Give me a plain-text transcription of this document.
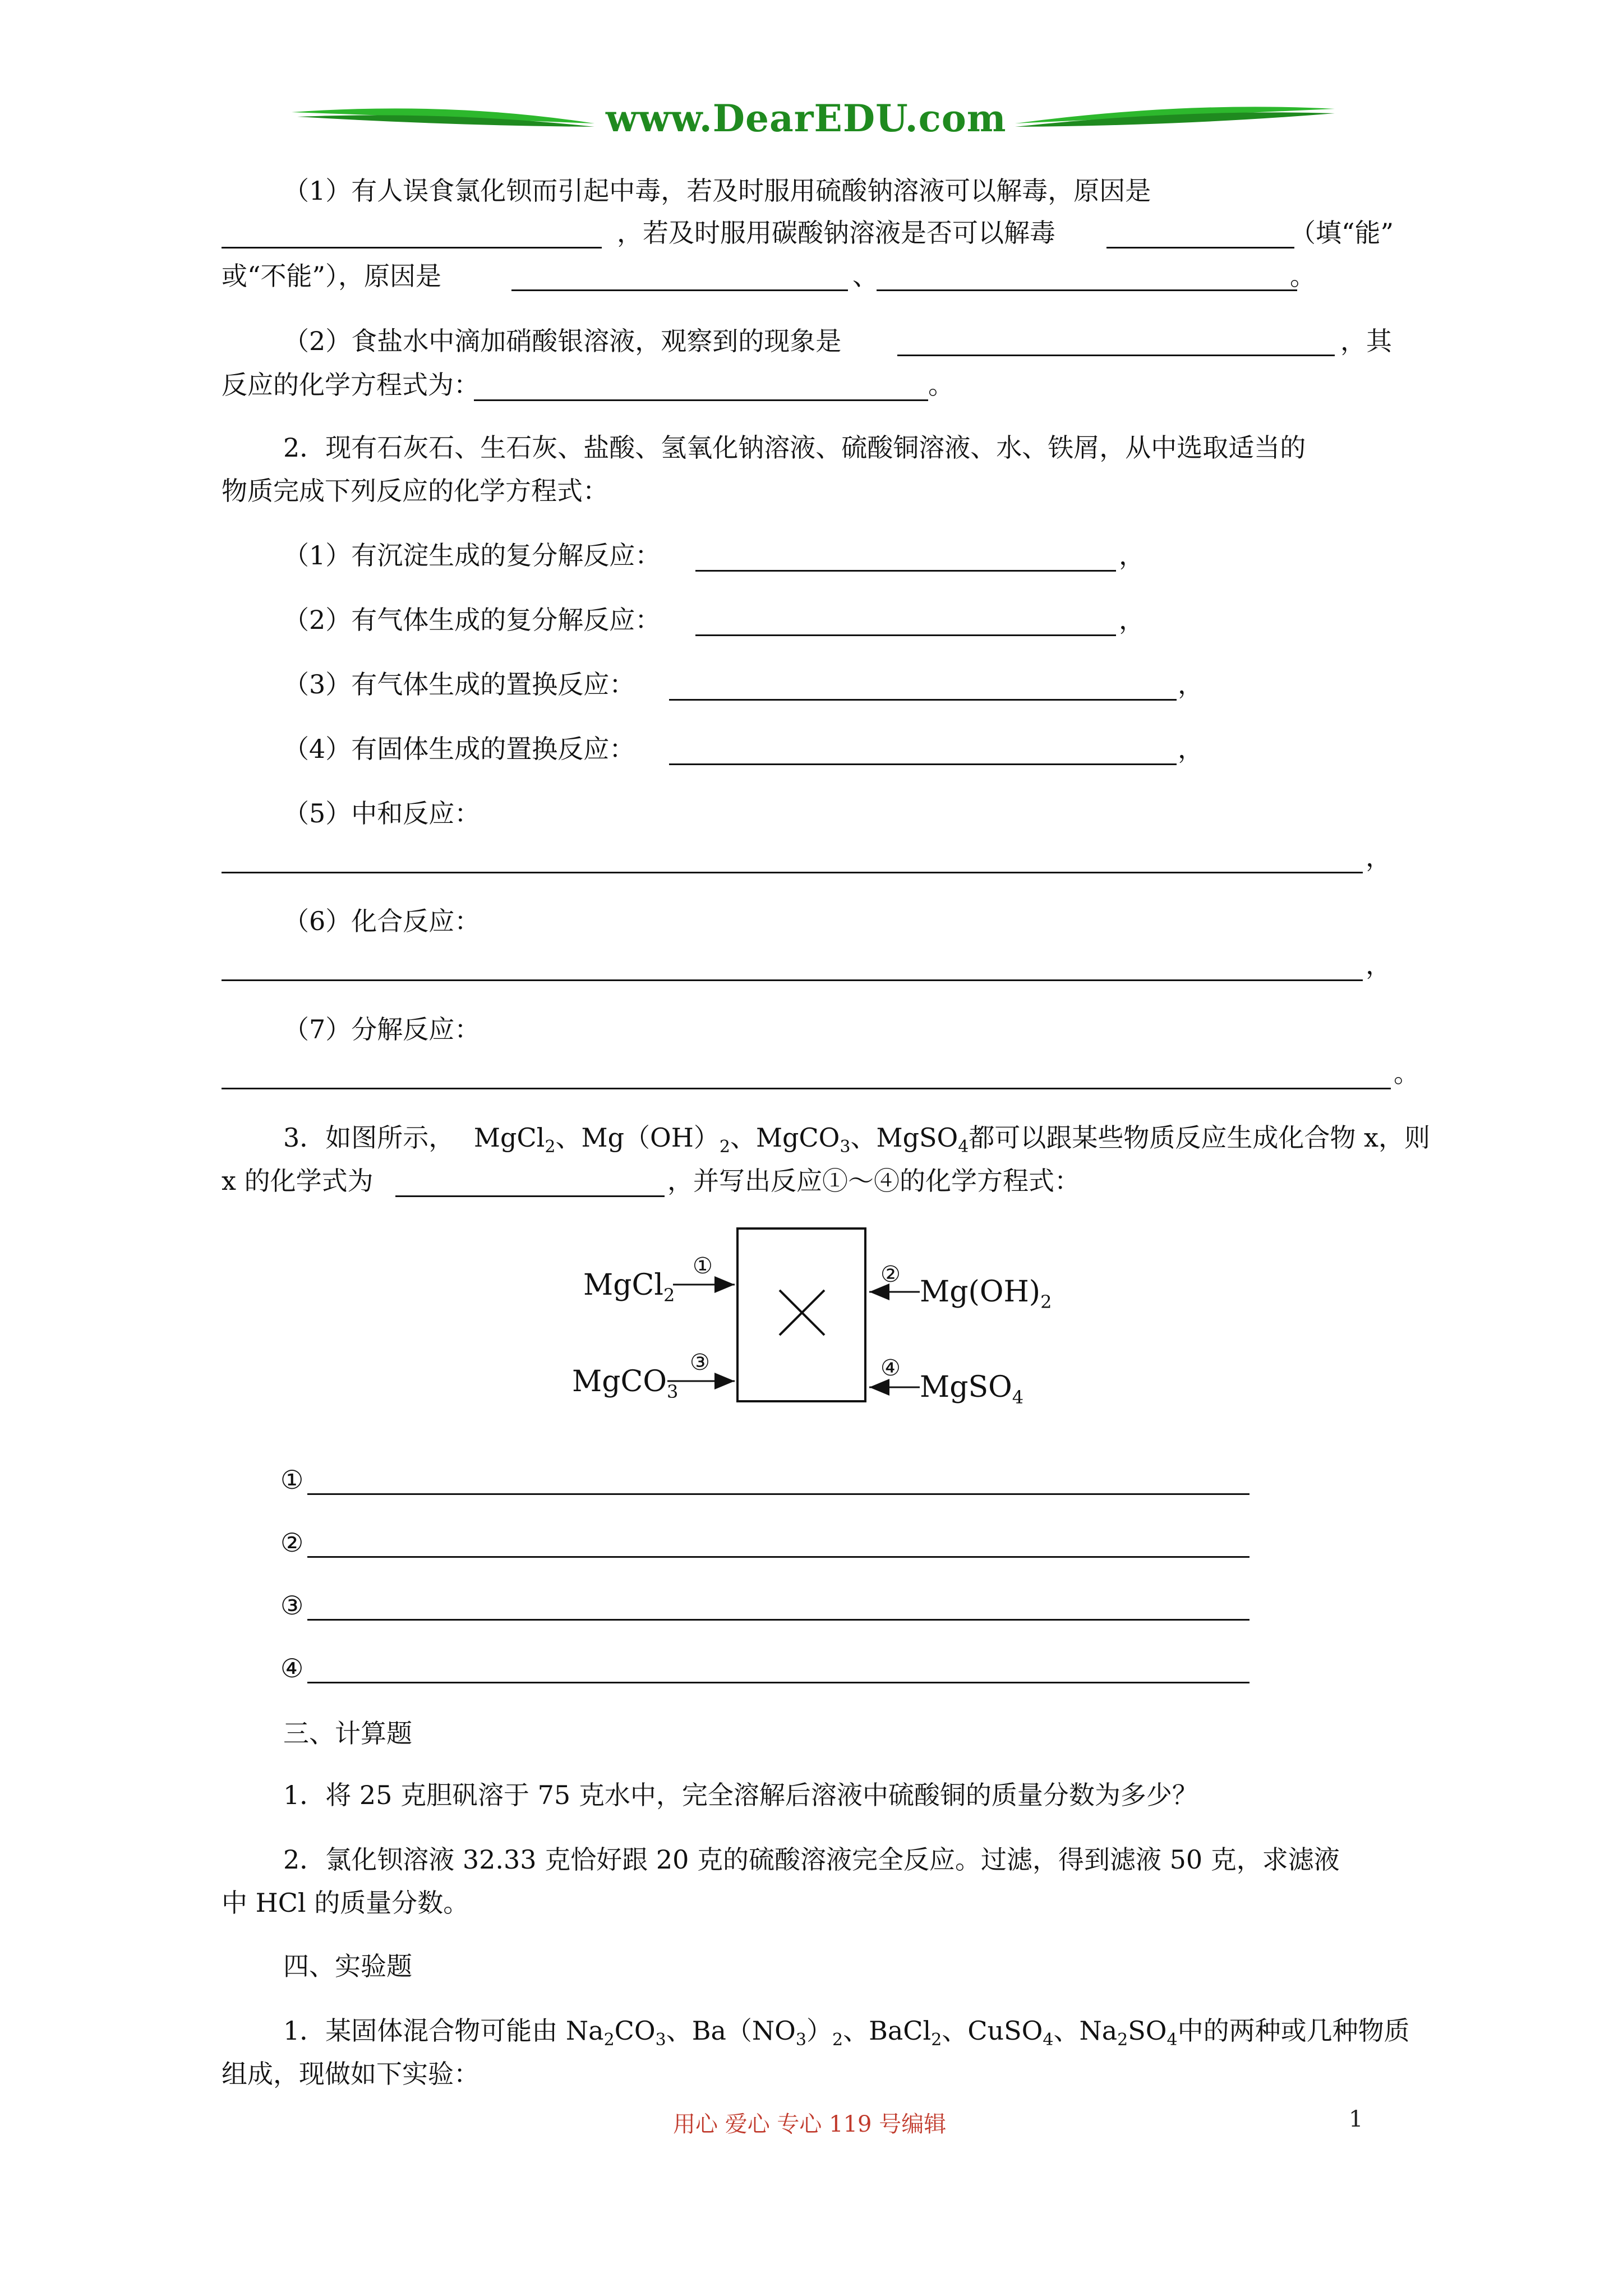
www.DearEDU.com
（1）有人误食氯化钡而引起中毒，若及时服用硫酸钠溶液可以解毒，原因是
，若及时服用碳酸钠溶液是否可以解毒	（填“能”
或“不能”），原因是	、	。
（2）食盐水中滴加硝酸银溶液，观察到的现象是	，其
反应的化学方程式为：	。
2．现有石灰石、生石灰、盐酸、氢氧化钠溶液、硫酸铜溶液、水、铁屑，从中选取适当的
物质完成下列反应的化学方程式：
（1）有沉淀生成的复分解反应：	，
（2）有气体生成的复分解反应：	，
（3）有气体生成的置换反应：	，
（4）有固体生成的置换反应：	，
（5）中和反应：
，
（6）化合反应：
，
（7）分解反应：
。
3．如图所示， MgCl$_2$、$Mg(OH)_2$、MgCO$_3$、MgSO$_4$都可以跟某些物质反应生成化合物 x，则
x 的化学式为	，并写出反应①～④的化学方程式：
MgCl$_2$
①
MgCO$_3$
③
$Mg(OH)_2$
②
MgSO$_4$
④
①
②
③
④
三、计算题
1．将 25 克胆矾溶于 75 克水中，完全溶解后溶液中硫酸铜的质量分数为多少？
2．氯化钡溶液 32.33 克恰好跟 20 克的硫酸溶液完全反应。过滤，得到滤液 50 克，求滤液
中 HCl 的质量分数。
四、实验题
1．某固体混合物可能由 $Na_2CO_3$、$Ba(NO_3)_2$、BaCl$_2$、CuSO$_4$、$Na_2SO_4$中的两种或几种物质
组成，现做如下实验：
用心 爱心 专心 119 号编辑	1
